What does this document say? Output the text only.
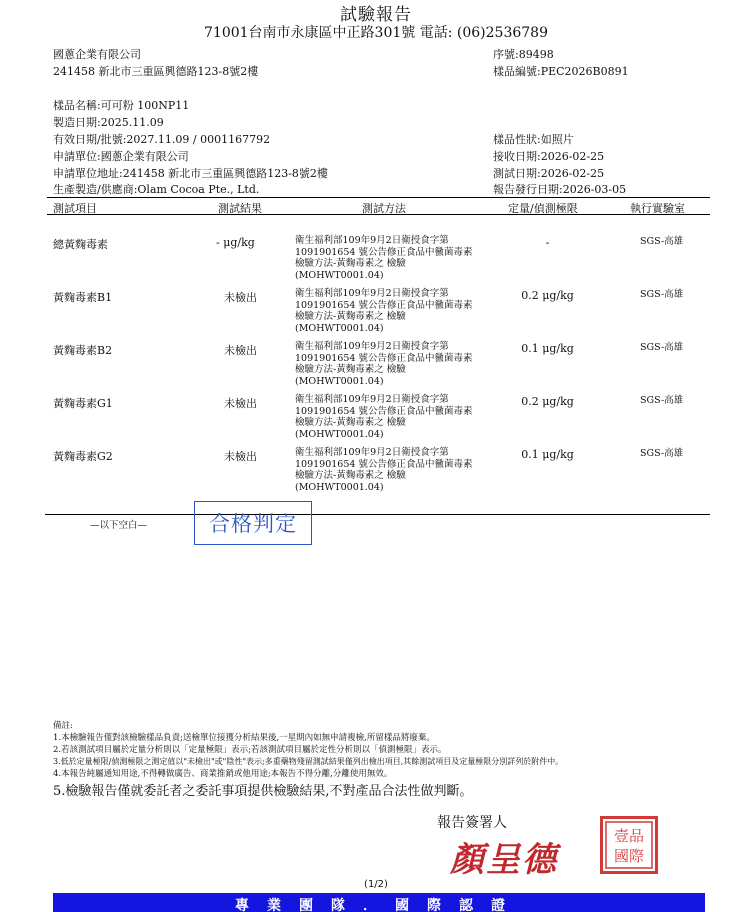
試驗報告
71001台南市永康區中正路301號 電話: (06)2536789
國蔥企業有限公司
241458 新北市三重區興德路123-8號2樓
序號:89498
樣品編號:PEC2026B0891
樣品名稱:可可粉 100NP11
製造日期:2025.11.09
有效日期/批號:2027.11.09 / 0001167792
申請單位:國蔥企業有限公司
申請單位地址:241458 新北市三重區興德路123-8號2樓
生產製造/供應商:Olam Cocoa Pte., Ltd.
樣品性狀:如照片
接收日期:2026-02-25
測試日期:2026-02-25
報告發行日期:2026-03-05
測試項目	測試結果	測試方法	定量/偵測極限	執行實驗室
總黃麴毒素	- μg/kg	衛生福利部109年9月2日衛授食字第
1091901654 號公告修正食品中黴菌毒素
檢驗方法-黃麴毒素之 檢驗
(MOHWT0001.04)
-	SGS-高雄
黃麴毒素B1	未檢出	衛生福利部109年9月2日衛授食字第
1091901654 號公告修正食品中黴菌毒素
檢驗方法-黃麴毒素之 檢驗
(MOHWT0001.04)
0.2 μg/kg	SGS-高雄
黃麴毒素B2	未檢出	衛生福利部109年9月2日衛授食字第
1091901654 號公告修正食品中黴菌毒素
檢驗方法-黃麴毒素之 檢驗
(MOHWT0001.04)
0.1 μg/kg	SGS-高雄
黃麴毒素G1	未檢出	衛生福利部109年9月2日衛授食字第
1091901654 號公告修正食品中黴菌毒素
檢驗方法-黃麴毒素之 檢驗
(MOHWT0001.04)
0.2 μg/kg	SGS-高雄
黃麴毒素G2	未檢出	衛生福利部109年9月2日衛授食字第
1091901654 號公告修正食品中黴菌毒素
檢驗方法-黃麴毒素之 檢驗
(MOHWT0001.04)
0.1 μg/kg	SGS-高雄
—以下空白—	合格判定
備註:
1.本檢驗報告僅對該檢驗樣品負責;送檢單位接獲分析結果後,一星期內如無申請複檢,所留樣品將廢棄。
2.若該測試項目屬於定量分析則以「定量極限」表示;若該測試項目屬於定性分析則以「偵測極限」表示。
3.低於定量極限/偵測極限之測定值以"未檢出"或"陰性"表示;多重藥物殘留測試結果僅列出檢出項目,其餘測試項目及定量極限分別詳列於附件中。
4.本報告純屬通知用途,不得轉做廣告、商業推銷或他用途;本報告不得分離,分離使用無效。
5.檢驗報告僅就委託者之委託事項提供檢驗結果,不對產品合法性做判斷。
報告簽署人
顏呈德
壹品
國際
(1/2)
專業團隊．國際認證
